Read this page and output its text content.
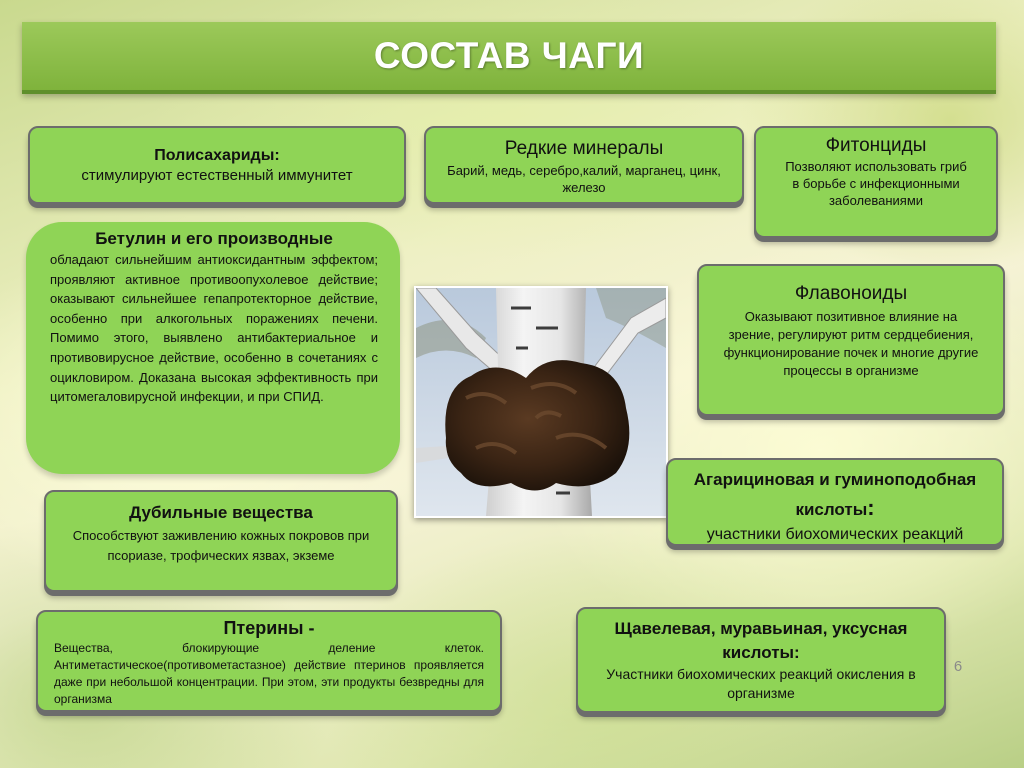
СОСТАВ ЧАГИ
Полисахариды:
стимулируют естественный иммунитет
Редкие минералы
Барий, медь, серебро,калий, марганец, цинк, железо
Фитонциды
Позволяют использовать гриб в борьбе с инфекционными заболеваниями
Бетулин и его производные
обладают сильнейшим антиоксидантным эффектом; проявляют активное противоопухолевое действие; оказывают сильнейшее гепапротекторное действие, особенно при алкогольных поражениях печени. Помимо этого, выявлено антибактериальное и противовирусное действие, особенно в сочетаниях с оцикловиром. Доказана высокая эффективность при цитомегаловирусной инфекции, и при СПИД.
Флавоноиды
Оказывают позитивное влияние на зрение, регулируют ритм сердцебиения, функционирование почек и многие другие процессы в организме
Агарициновая и гуминоподобная кислоты:
участники биохомических реакций
Дубильные вещества
Способствуют заживлению кожных покровов при псориазе, трофических язвах, экземе
Птерины -
Вещества, блокирующие деление клеток. Антиметастическое(противометастазное) действие птеринов проявляется даже при небольшой концентрации. При этом, эти продукты безвредны для организма
Щавелевая, муравьиная, уксусная кислоты:
Участники биохомических реакций окисления в организме
6
